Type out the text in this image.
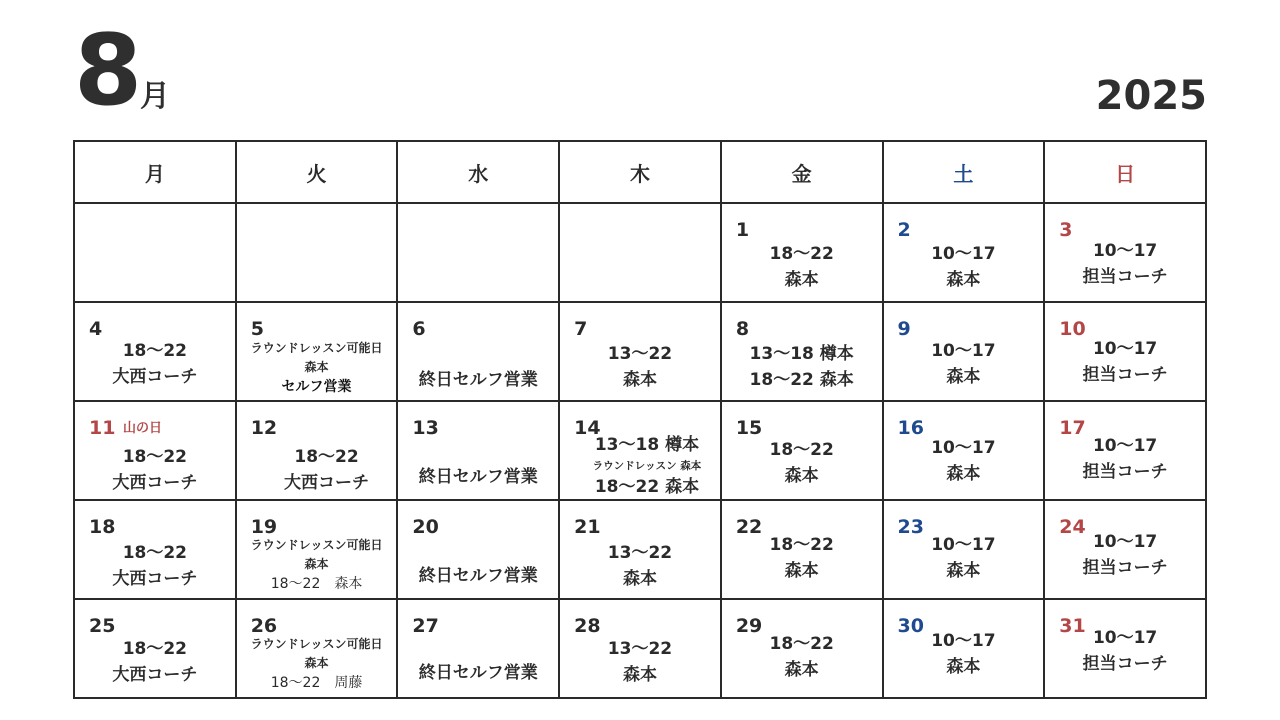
8
月	2025
月	火	水	木	金	土	日

				1
18～22
森本	2
10～17
森本	3
10～17
担当コーチ

4
18～22
大西コーチ	5
ラウンドレッスン可能日
森本
セルフ営業	6
終日セルフ営業	7
13～22
森本	8
13～18 樽本
18～22 森本	9
10～17
森本	10
10～17
担当コーチ

11 山の日
18～22
大西コーチ	12
18～22
大西コーチ	13
終日セルフ営業	14
13～18 樽本
ラウンドレッスン 森本
18～22 森本	15
18～22
森本	16
10～17
森本	17
10～17
担当コーチ

18
18～22
大西コーチ	19
ラウンドレッスン可能日
森本
18～22　森本	20
終日セルフ営業	21
13～22
森本	22
18～22
森本	23
10～17
森本	24
10～17
担当コーチ

25
18～22
大西コーチ	26
ラウンドレッスン可能日
森本
18～22　周藤	27
終日セルフ営業	28
13～22
森本	29
18～22
森本	30
10～17
森本	31
10～17
担当コーチ
